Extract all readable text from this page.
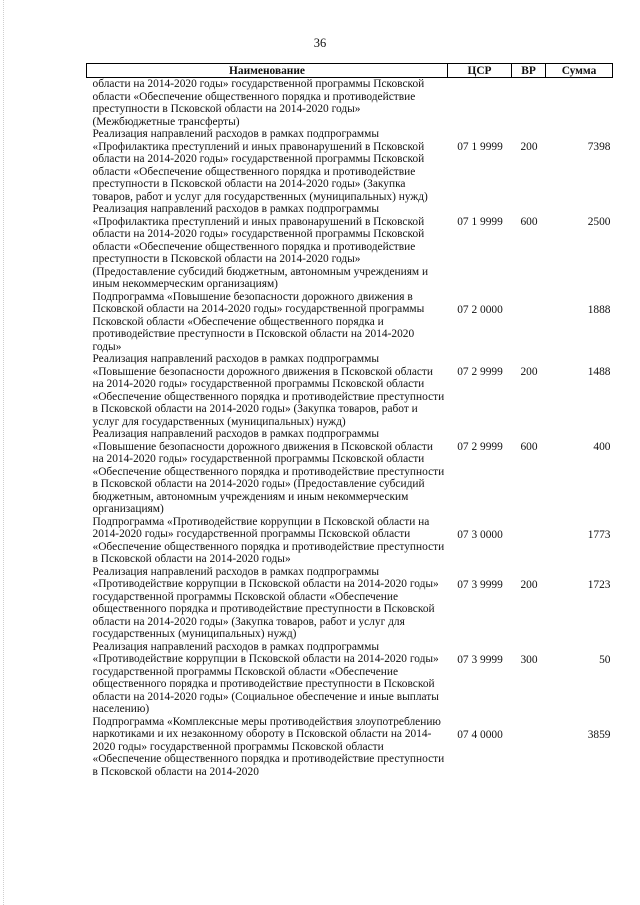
36
Наименование	ЦСР	ВР	Сумма
области на 2014-2020 годы» государственной программы Псковской области «Обеспечение общественного порядка и противодействие преступности в Псковской области на 2014-2020 годы» (Межбюджетные трансферты)			
Реализация направлений расходов в рамках подпрограммы «Профилактика преступлений и иных правонарушений в Псковской области на 2014-2020 годы» государственной программы Псковской области «Обеспечение общественного порядка и противодействие преступности в Псковской области на 2014-2020 годы» (Закупка товаров, работ и услуг для государственных (муниципальных) нужд)	07 1 9999	200	7398
Реализация направлений расходов в рамках подпрограммы «Профилактика преступлений и иных правонарушений в Псковской области на 2014-2020 годы» государственной программы Псковской области «Обеспечение общественного порядка и противодействие преступности в Псковской области на 2014-2020 годы» (Предоставление субсидий бюджетным, автономным учреждениям и иным некоммерческим организациям)	07 1 9999	600	2500
Подпрограмма «Повышение безопасности дорожного движения в Псковской области на 2014-2020 годы» государственной программы Псковской области «Обеспечение общественного порядка и противодействие преступности в Псковской области на 2014-2020 годы»	07 2 0000		1888
Реализация направлений расходов в рамках подпрограммы «Повышение безопасности дорожного движения в Псковской области на 2014-2020 годы» государственной программы Псковской области «Обеспечение общественного порядка и противодействие преступности в Псковской области на 2014-2020 годы» (Закупка товаров, работ и услуг для государственных (муниципальных) нужд)	07 2 9999	200	1488
Реализация направлений расходов в рамках подпрограммы «Повышение безопасности дорожного движения в Псковской области на 2014-2020 годы» государственной программы Псковской области «Обеспечение общественного порядка и противодействие преступности в Псковской области на 2014-2020 годы» (Предоставление субсидий бюджетным, автономным учреждениям и иным некоммерческим организациям)	07 2 9999	600	400
Подпрограмма «Противодействие коррупции в Псковской области на 2014-2020 годы» государственной программы Псковской области «Обеспечение общественного порядка и противодействие преступности в Псковской области на 2014-2020 годы»	07 3 0000		1773
Реализация направлений расходов в рамках подпрограммы «Противодействие коррупции в Псковской области на 2014-2020 годы» государственной программы Псковской области «Обеспечение общественного порядка и противодействие преступности в Псковской области на 2014-2020 годы» (Закупка товаров, работ и услуг для государственных (муниципальных) нужд)	07 3 9999	200	1723
Реализация направлений расходов в рамках подпрограммы «Противодействие коррупции в Псковской области на 2014-2020 годы» государственной программы Псковской области «Обеспечение общественного порядка и противодействие преступности в Псковской области на 2014-2020 годы» (Социальное обеспечение и иные выплаты населению)	07 3 9999	300	50
Подпрограмма «Комплексные меры противодействия злоупотреблению наркотиками и их незаконному обороту в Псковской области на 2014-2020 годы» государственной программы Псковской области «Обеспечение общественного порядка и противодействие преступности в Псковской области на 2014-2020	07 4 0000		3859
